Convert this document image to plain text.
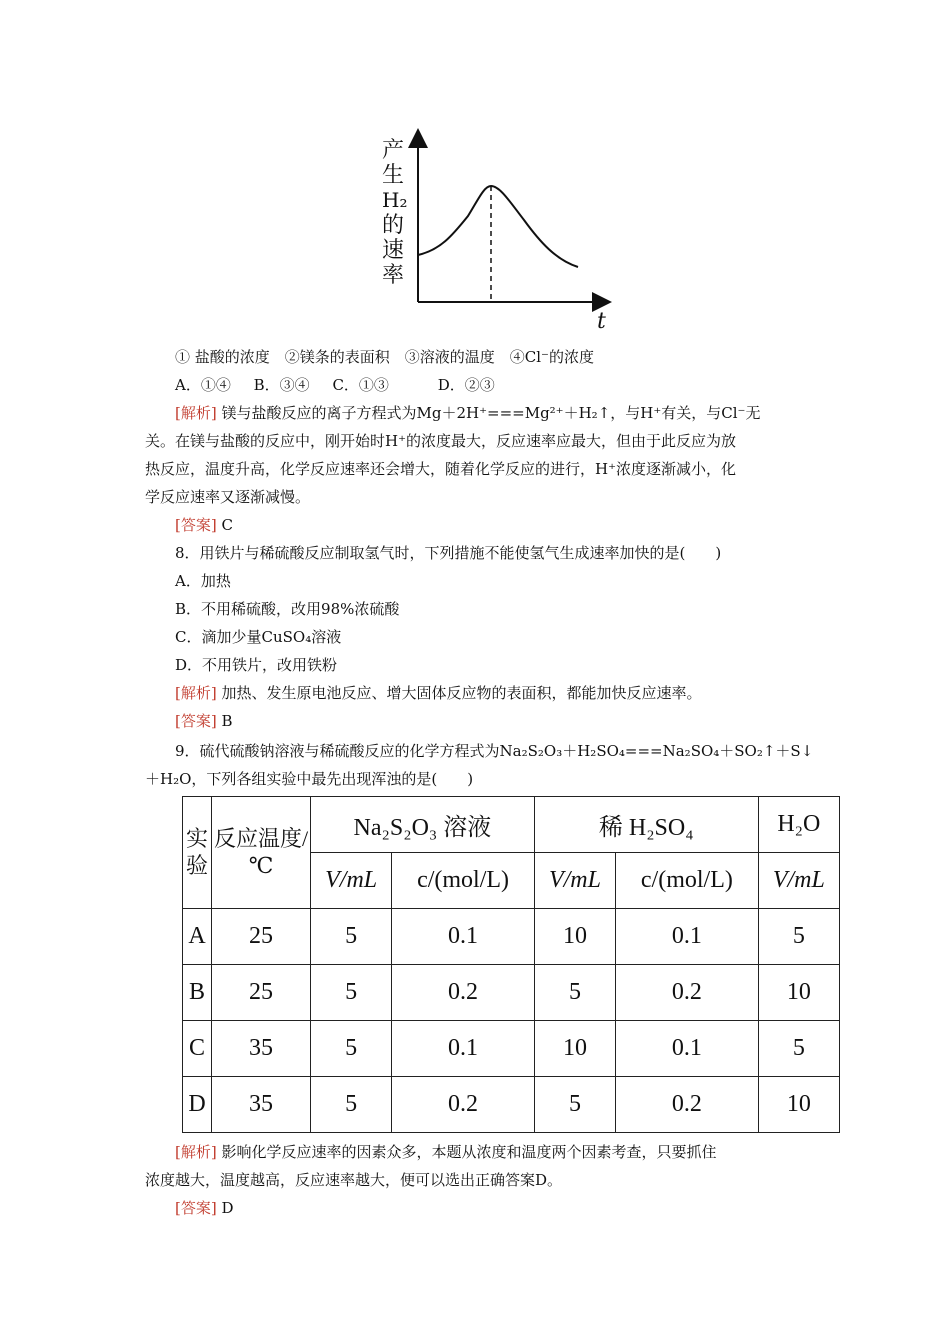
产
生
H₂
的
速
率
t
① 盐酸的浓度　②镁条的表面积　③溶液的温度　④Cl⁻的浓度
A．①④ B．③④ C．①③	D．②③
[解析] 镁与盐酸反应的离子方程式为Mg＋2H⁺===Mg²⁺＋H₂↑，与H⁺有关，与Cl⁻无
关。在镁与盐酸的反应中，刚开始时H⁺的浓度最大，反应速率应最大，但由于此反应为放
热反应，温度升高，化学反应速率还会增大，随着化学反应的进行，H⁺浓度逐渐减小，化
学反应速率又逐渐减慢。
[答案] C
8．用铁片与稀硫酸反应制取氢气时，下列措施不能使氢气生成速率加快的是(　　)
A．加热
B．不用稀硫酸，改用98%浓硫酸
C．滴加少量CuSO₄溶液
D．不用铁片，改用铁粉
[解析] 加热、发生原电池反应、增大固体反应物的表面积，都能加快反应速率。
[答案] B
9．硫代硫酸钠溶液与稀硫酸反应的化学方程式为Na₂S₂O₃＋H₂SO₄===Na₂SO₄＋SO₂↑＋S↓
＋H₂O，下列各组实验中最先出现浑浊的是(　　)
实验	反应温度/℃	Na₂S₂O₃ 溶液		稀 H₂SO₄		H₂O
		V/mL	c/(mol/L)	V/mL	c/(mol/L)	V/mL
A	25	5	0.1	10	0.1	5
B	25	5	0.2	5	0.2	10
C	35	5	0.1	10	0.1	5
D	35	5	0.2	5	0.2	10
[解析] 影响化学反应速率的因素众多，本题从浓度和温度两个因素考查，只要抓住
浓度越大，温度越高，反应速率越大，便可以选出正确答案D。
[答案] D
